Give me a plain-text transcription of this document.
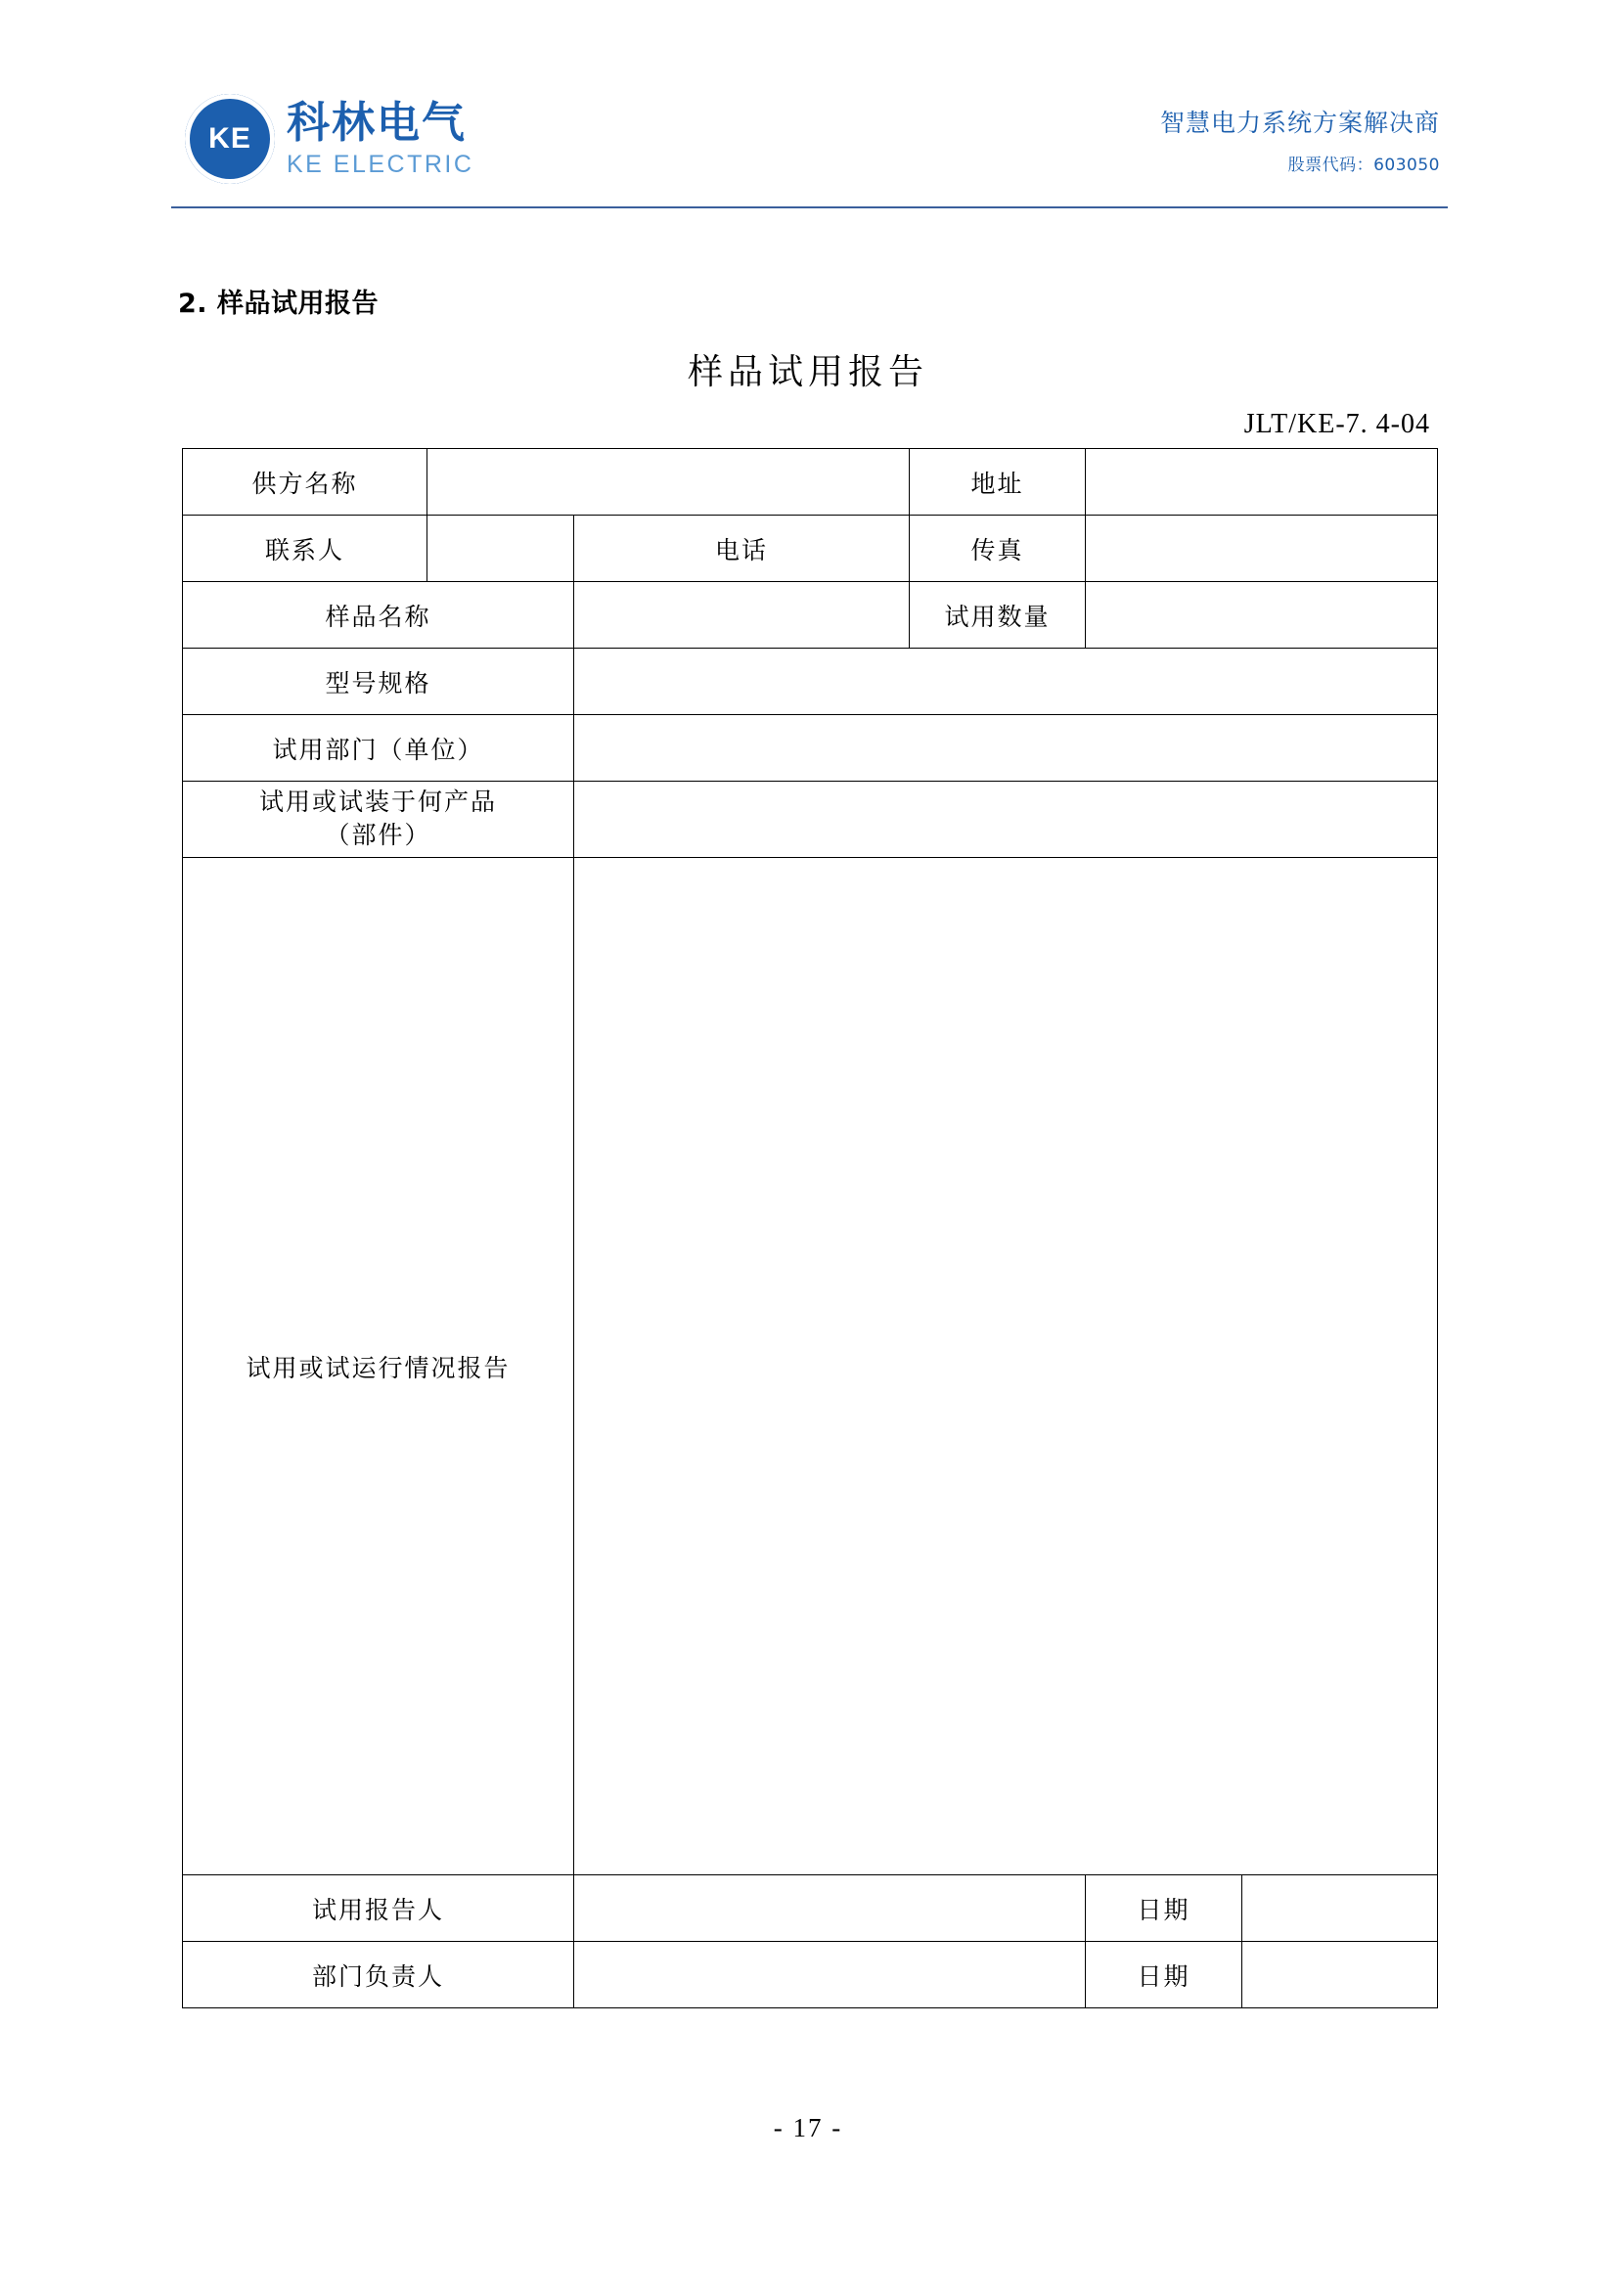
KE 科林电气
KE ELECTRIC
智慧电力系统方案解决商
股票代码：603050
2. 样品试用报告
样品试用报告
JLT/KE-7. 4-04
供方名称			地址		
联系人		电话	传真		
样品名称			试用数量		
型号规格					
试用部门（单位）					

试用或试装于何产品
（部件）					

试用或试运行情况报告					
试用报告人				日期	
部门负责人				日期	
- 17 -
